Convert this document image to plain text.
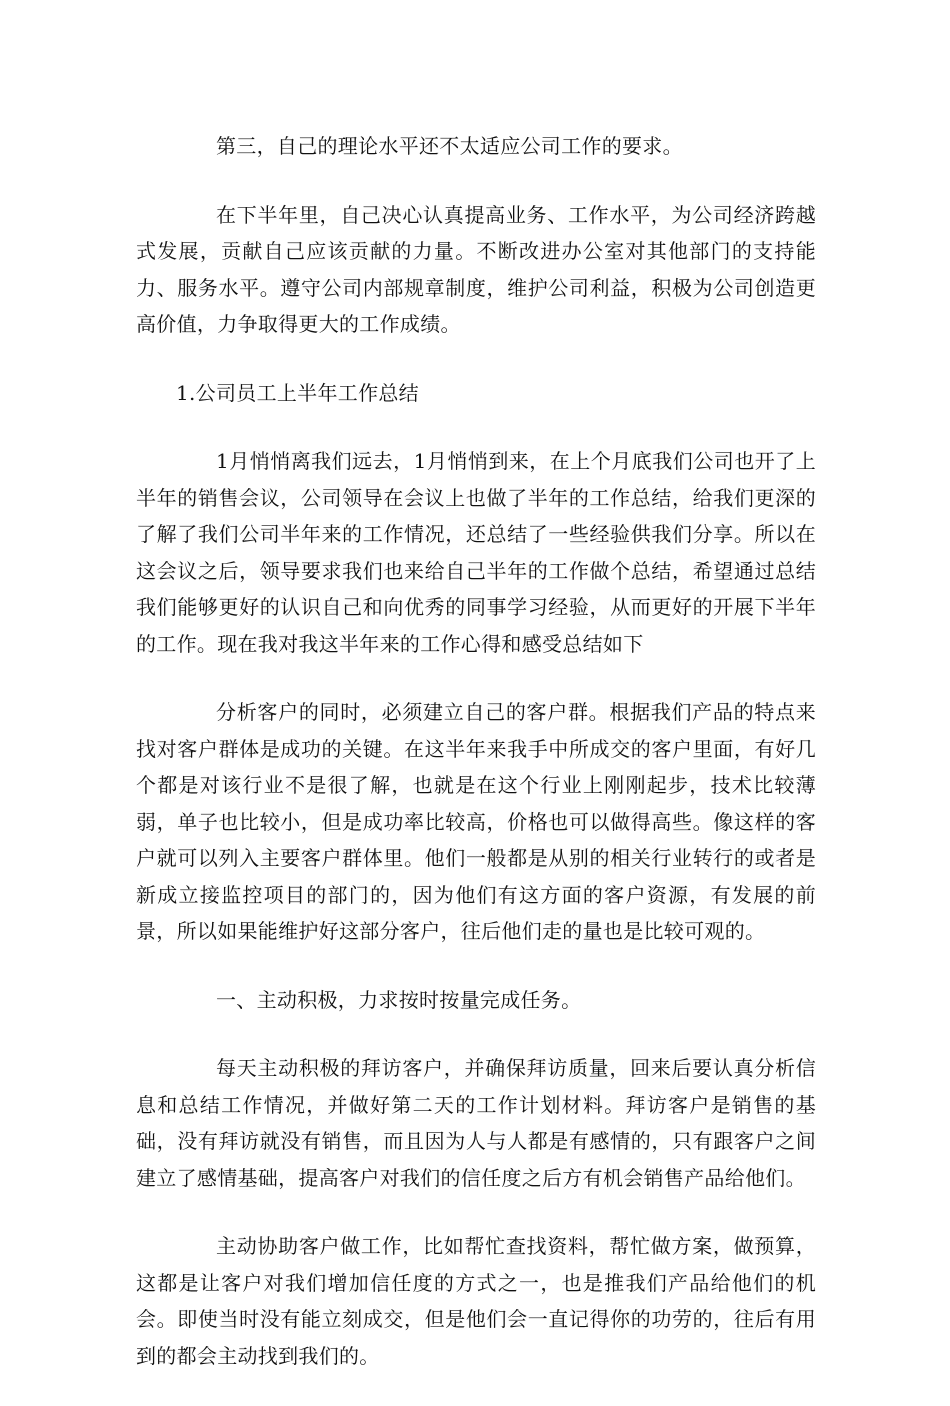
第三，自己的理论水平还不太适应公司工作的要求。

在下半年里，自己决心认真提高业务、工作水平，为公司经济跨越式发展，贡献自己应该贡献的力量。不断改进办公室对其他部门的支持能力、服务水平。遵守公司内部规章制度，维护公司利益，积极为公司创造更高价值，力争取得更大的工作成绩。

1.公司员工上半年工作总结

1月悄悄离我们远去，1月悄悄到来，在上个月底我们公司也开了上半年的销售会议，公司领导在会议上也做了半年的工作总结，给我们更深的了解了我们公司半年来的工作情况，还总结了一些经验供我们分享。所以在这会议之后，领导要求我们也来给自己半年的工作做个总结，希望通过总结我们能够更好的认识自己和向优秀的同事学习经验，从而更好的开展下半年的工作。现在我对我这半年来的工作心得和感受总结如下

分析客户的同时，必须建立自己的客户群。根据我们产品的特点来找对客户群体是成功的关键。在这半年来我手中所成交的客户里面，有好几个都是对该行业不是很了解，也就是在这个行业上刚刚起步，技术比较薄弱，单子也比较小，但是成功率比较高，价格也可以做得高些。像这样的客户就可以列入主要客户群体里。他们一般都是从别的相关行业转行的或者是新成立接监控项目的部门的，因为他们有这方面的客户资源，有发展的前景，所以如果能维护好这部分客户，往后他们走的量也是比较可观的。

一、主动积极，力求按时按量完成任务。

每天主动积极的拜访客户，并确保拜访质量，回来后要认真分析信息和总结工作情况，并做好第二天的工作计划材料。拜访客户是销售的基础，没有拜访就没有销售，而且因为人与人都是有感情的，只有跟客户之间建立了感情基础，提高客户对我们的信任度之后方有机会销售产品给他们。

主动协助客户做工作，比如帮忙查找资料，帮忙做方案，做预算，这都是让客户对我们增加信任度的方式之一，也是推我们产品给他们的机会。即使当时没有能立刻成交，但是他们会一直记得你的功劳的，往后有用到的都会主动找到我们的。
